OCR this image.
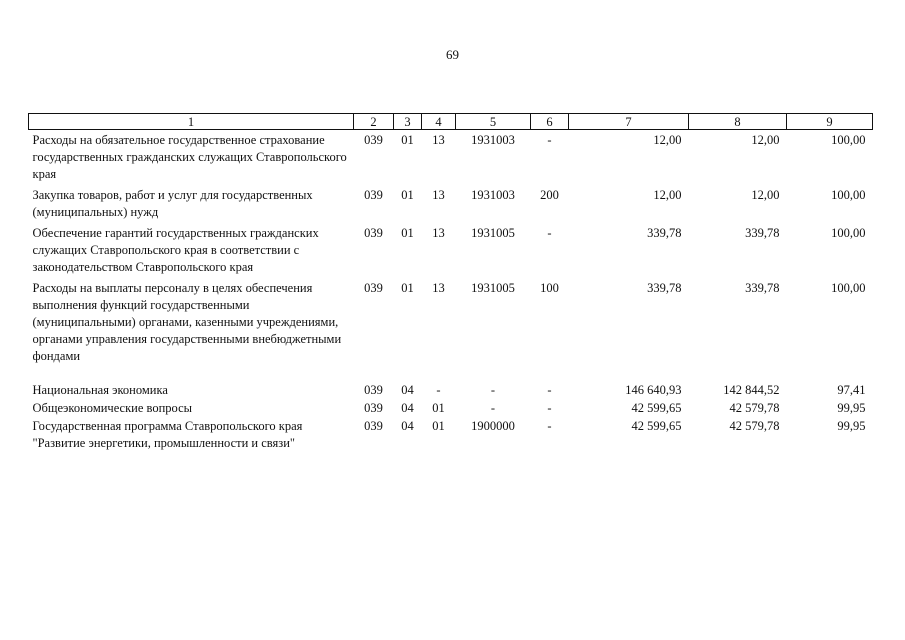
69
1	2	3	4	5	6	7	8	9
Расходы на обязательное государственное страхование государственных гражданских служащих Ставропольского края	039	01	13	1931003	-	12,00	12,00	100,00
Закупка товаров, работ и услуг для государственных (муниципальных) нужд	039	01	13	1931003	200	12,00	12,00	100,00
Обеспечение гарантий государственных гражданских служащих Ставропольского края в соответствии с законодательством Ставропольского края	039	01	13	1931005	-	339,78	339,78	100,00
Расходы на выплаты персоналу в целях обеспечения выполнения функций государственными (муниципальными) органами, казенными учреждениями, органами управления государственными внебюджетными фондами	039	01	13	1931005	100	339,78	339,78	100,00

Национальная экономика	039	04	-	-	-	146 640,93	142 844,52	97,41
Общеэкономические вопросы	039	04	01	-	-	42 599,65	42 579,78	99,95
Государственная программа Ставропольского края "Развитие энергетики, промышленности и связи"	039	04	01	1900000	-	42 599,65	42 579,78	99,95
